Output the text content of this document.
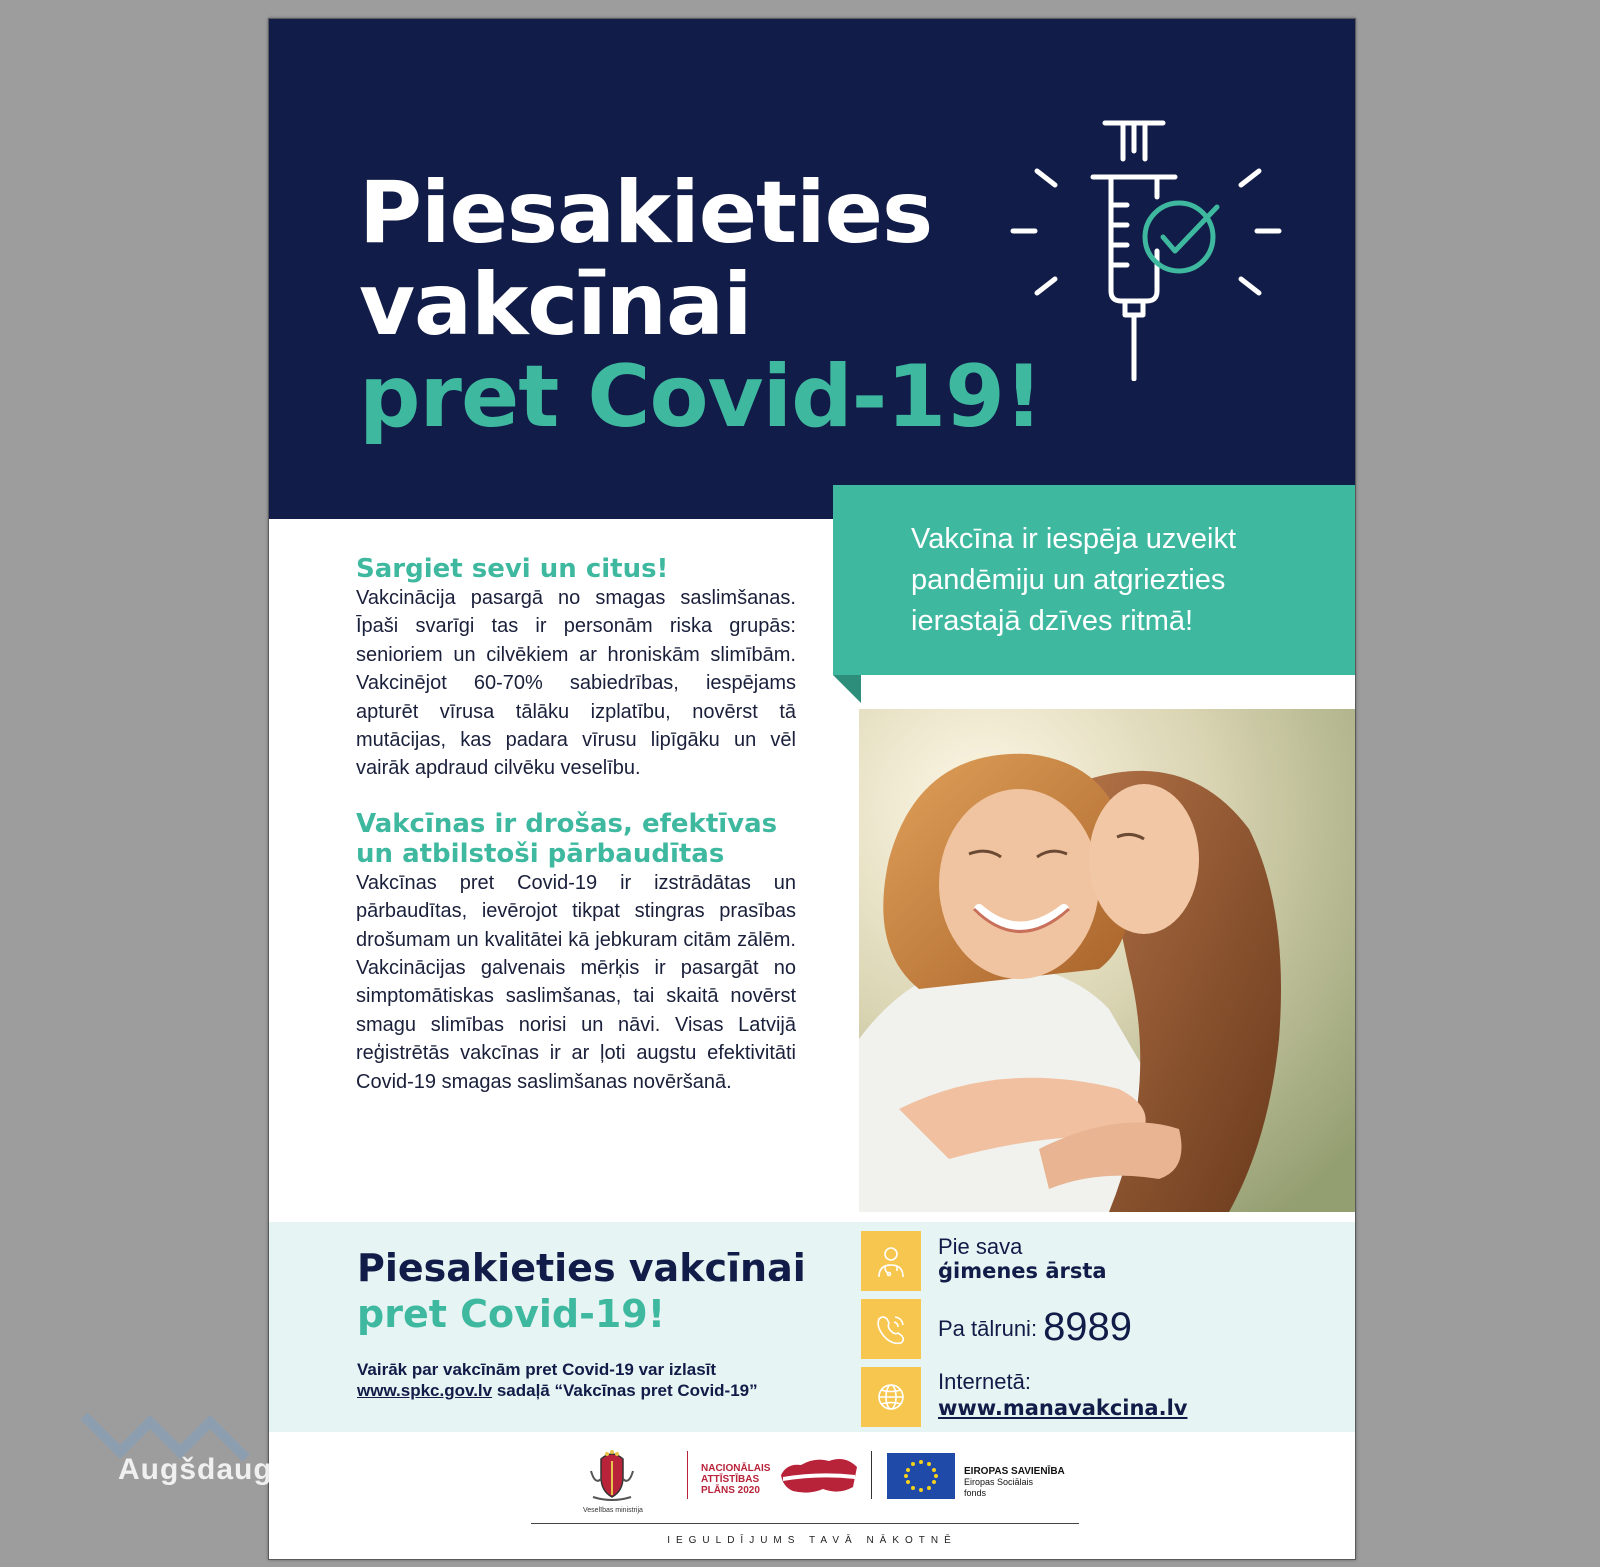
Piesakieties
vakcīnai
pret Covid-19!

Vakcīna ir iespēja uzveikt pandēmiju un atgriezties ierastajā dzīves ritmā!

Sargiet sevi un citus!

Vakcinācija pasargā no smagas saslimšanas. Īpaši svarīgi tas ir personām riska grupās: senioriem un cilvēkiem ar hroniskām slimībām. Vakcinējot 60-70% sabiedrības, iespējams apturēt vīrusa tālāku izplatību, novērst tā mutācijas, kas padara vīrusu lipīgāku un vēl vairāk apdraud cilvēku veselību.

Vakcīnas ir drošas, efektīvas
un atbilstoši pārbaudītas

Vakcīnas pret Covid-19 ir izstrādātas un pārbaudītas, ievērojot tikpat stingras prasības drošumam un kvalitātei kā jebkuram citām zālēm. Vakcinācijas galvenais mērķis ir pasargāt no simptomātiskas saslimšanas, tai skaitā novērst smagu slimības norisi un nāvi. Visas Latvijā reģistrētās vakcīnas ir ar ļoti augstu efektivitāti Covid-19 smagas saslimšanas novēršanā.

Piesakieties vakcīnai
pret Covid-19!

Vairāk par vakcīnām pret Covid-19 var izlasīt
www.spkc.gov.lv sadaļā “Vakcīnas pret Covid-19”

Pie sava
ģimenes ārsta
Pa tālruni: 8989
Internetā:
www.manavakcina.lv
Veselības ministrija
NACIONĀLAIS
ATTĪSTĪBAS
PLĀNS 2020
EIROPAS SAVIENĪBA
Eiropas Sociālais
fonds

IEGULDĪJUMS TAVĀ NĀKOTNĒ

Augšdaug
